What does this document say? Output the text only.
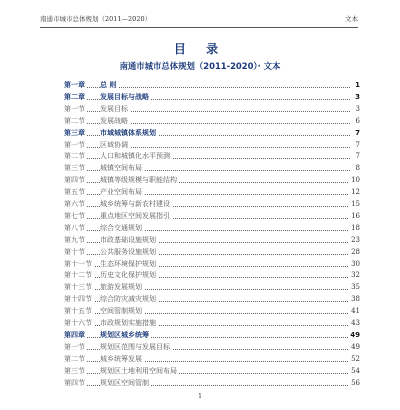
南通市城市总体规划（2011—2020）	文本
目 录
南通市城市总体规划（2011-2020）· 文本
第一章 总 则	1
第二章 发展目标与战略	3
第一节 发展目标	3
第二节 发展战略	6
第三章 市域城镇体系规划	7
第一节 区域协调	7
第二节 人口和城镇化水平预测	7
第三节 城镇空间布局	8
第四节 城镇等级规模与职能结构	10
第五节 产业空间布局	12
第六节 城乡统筹与新农村建设	15
第七节 重点地区空间发展指引	16
第八节 综合交通规划	18
第九节 市政基础设施规划	23
第十节 公共服务设施规划	28
第十一节 生态环境保护规划	30
第十二节 历史文化保护规划	32
第十三节 旅游发展规划	35
第十四节 综合防灾减灾规划	38
第十五节 空间管制规划	41
第十六节 市政规划实施措施	43
第四章 规划区城乡统筹	49
第一节 规划区范围与发展目标	49
第二节 城乡统筹发展	52
第三节 规划区土地利用空间布局	54
第四节 规划区空间管制	56
1
